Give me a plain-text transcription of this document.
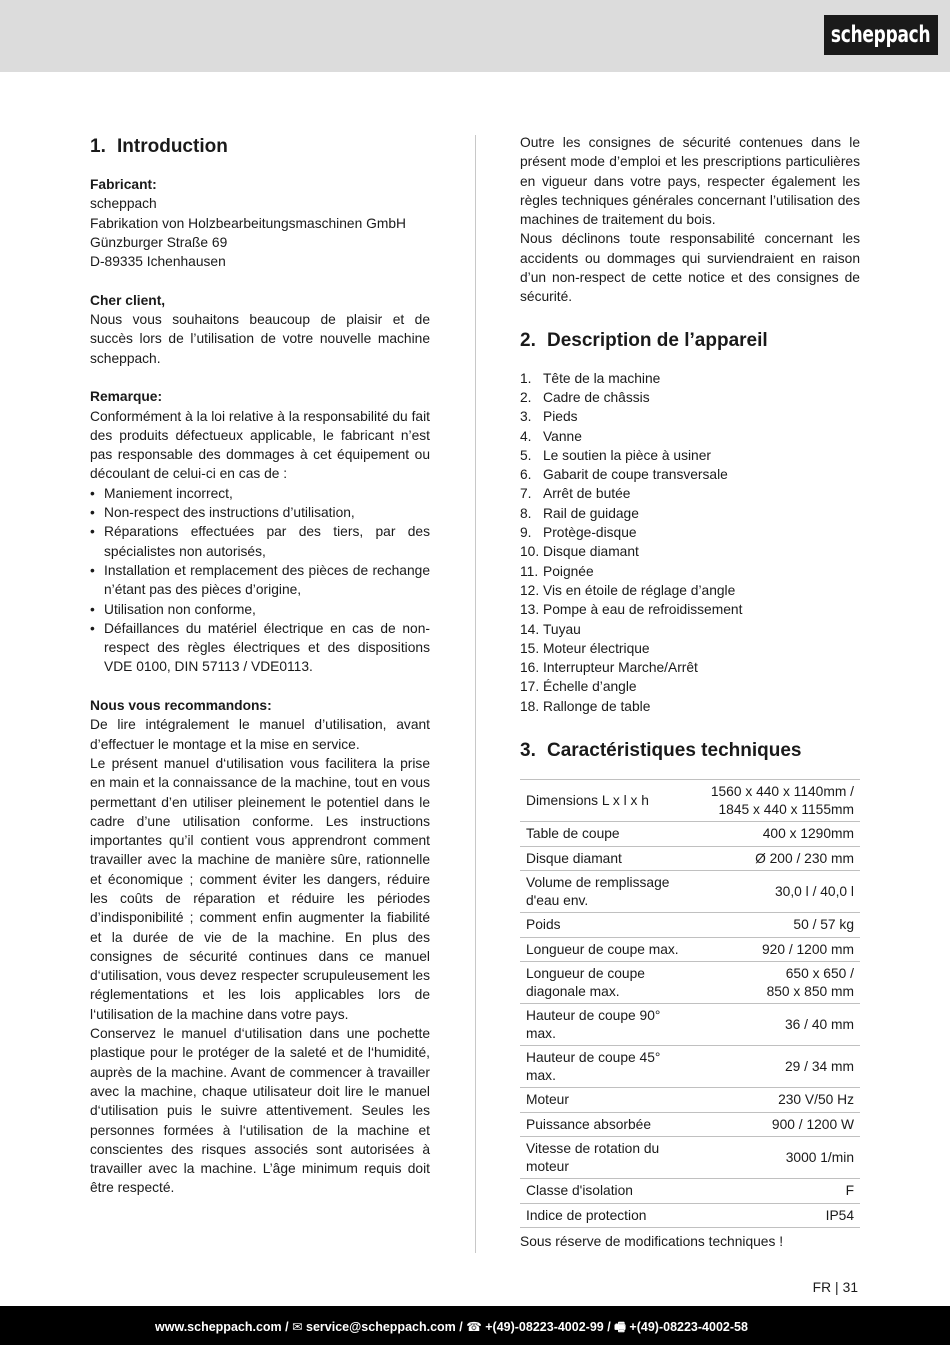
scheppach
1. Introduction
Fabricant:
scheppach
Fabrikation von Holzbearbeitungsmaschinen GmbH
Günzburger Straße 69
D-89335 Ichenhausen
Cher client,
Nous vous souhaitons beaucoup de plaisir et de succès lors de l’utilisation de votre nouvelle machine scheppach.
Remarque:
Conformément à la loi relative à la responsabilité du fait des produits défectueux applicable, le fabricant n’est pas responsable des dommages à cet équipement ou découlant de celui-ci en cas de :
• Maniement incorrect,
• Non-respect des instructions d’utilisation,
• Réparations effectuées par des tiers, par des spécialistes non autorisés,
• Installation et remplacement des pièces de rechange n’étant pas des pièces d’origine,
• Utilisation non conforme,
• Défaillances du matériel électrique en cas de non-respect des règles électriques et des dispositions VDE 0100, DIN 57113 / VDE0113.
Nous vous recommandons:
De lire intégralement le manuel d’utilisation, avant d’effectuer le montage et la mise en service.
Le présent manuel d‘utilisation vous facilitera la prise en main et la connaissance de la machine, tout en vous permettant d’en utiliser pleinement le potentiel dans le cadre d’une utilisation conforme. Les instructions importantes qu’il contient vous apprendront comment travailler avec la machine de manière sûre, rationnelle et économique ; comment éviter les dangers, réduire les coûts de réparation et réduire les périodes d’indisponibilité ; comment enfin augmenter la fiabilité et la durée de vie de la machine. En plus des consignes de sécurité continues dans ce manuel d‘utilisation, vous devez respecter scrupuleusement les réglementations et les lois applicables lors de l‘utilisation de la machine dans votre pays.
Conservez le manuel d‘utilisation dans une pochette plastique pour le protéger de la saleté et de l‘humidité, auprès de la machine. Avant de commencer à travailler avec la machine, chaque utilisateur doit lire le manuel d‘utilisation puis le suivre attentivement. Seules les personnes formées à l‘utilisation de la machine et conscientes des risques associés sont autorisées à travailler avec la machine. L’âge minimum requis doit être respecté.
Outre les consignes de sécurité contenues dans le présent mode d’emploi et les prescriptions particulières en vigueur dans votre pays, respecter également les règles techniques générales concernant l’utilisation des machines de traitement du bois.
Nous déclinons toute responsabilité concernant les accidents ou dommages qui surviendraient en raison d’un non-respect de cette notice et des consignes de sécurité.
2. Description de l’appareil
1. Tête de la machine
2. Cadre de châssis
3. Pieds
4. Vanne
5. Le soutien la pièce à usiner
6. Gabarit de coupe transversale
7. Arrêt de butée
8. Rail de guidage
9. Protège-disque
10. Disque diamant
11. Poignée
12. Vis en étoile de réglage d’angle
13. Pompe à eau de refroidissement
14. Tuyau
15. Moteur électrique
16. Interrupteur Marche/Arrêt
17. Échelle d’angle
18. Rallonge de table
3. Caractéristiques techniques
Dimensions L x l x h	1560 x 440 x 1140mm /
1845 x 440 x 1155mm

Table de coupe	400 x 1290mm

Disque diamant	Ø 200 / 230 mm

Volume de remplissage d'eau env.	30,0 l / 40,0 l

Poids	50 / 57 kg

Longueur de coupe max.	920 / 1200 mm

Longueur de coupe diagonale max.	650 x 650 /
850 x 850 mm

Hauteur de coupe 90° max.	36 / 40 mm

Hauteur de coupe 45° max.	29 / 34 mm

Moteur	230 V/50 Hz

Puissance absorbée	900 / 1200 W

Vitesse de rotation du moteur	3000 1/min

Classe d'isolation	F

Indice de protection	IP54
Sous réserve de modifications techniques !
FR | 31
www.scheppach.com / ✉ service@scheppach.com / ☎ +(49)-08223-4002-99 / 🖷 +(49)-08223-4002-58
